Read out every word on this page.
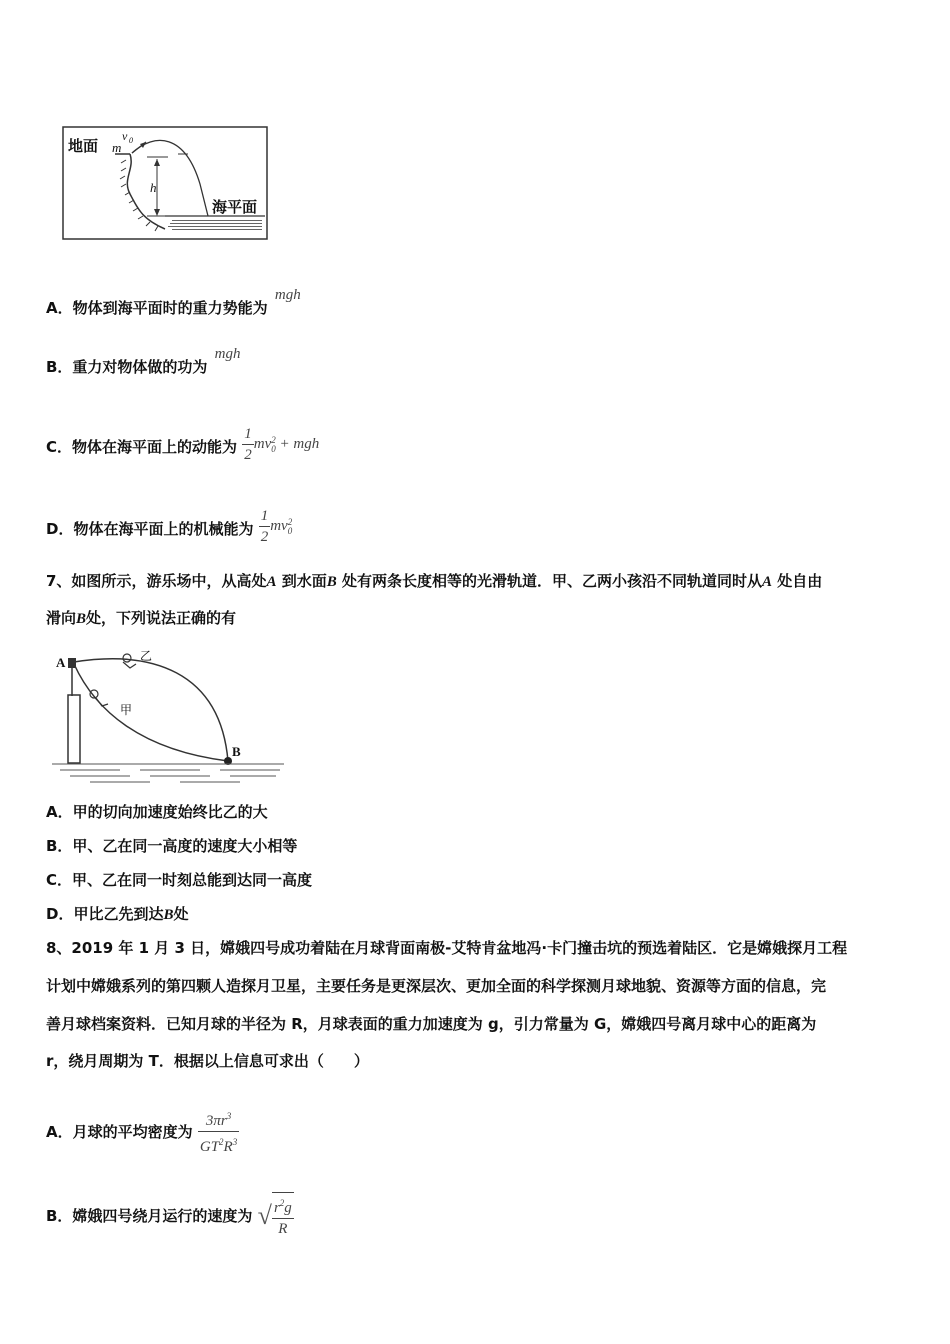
地面 m
v 0
h
海平面
A．物体到海平面时的重力势能为 mgh
B．重力对物体做的功为 mgh
C．物体在海平面上的动能为 $\frac{1}{2}$ mv 2
0 + mgh
D．物体在海平面上的机械能为 $\frac{1}{2}$ mv 2
0
7、如图所示，游乐场中，从高处A 到水面B 处有两条长度相等的光滑轨道．甲、乙两小孩沿不同轨道同时从A 处自由
滑向B处，下列说法正确的有
A
B
乙
甲
A．甲的切向加速度始终比乙的大
B．甲、乙在同一高度的速度大小相等
C．甲、乙在同一时刻总能到达同一高度
D．甲比乙先到达B处
8、2019 年 1 月 3 日，嫦娥四号成功着陆在月球背面南极-艾特肯盆地冯·卡门撞击坑的预选着陆区．它是嫦娥探月工程
计划中嫦娥系列的第四颗人造探月卫星，主要任务是更深层次、更加全面的科学探测月球地貌、资源等方面的信息，完
善月球档案资料．已知月球的半径为 R，月球表面的重力加速度为 g，引力常量为 G，嫦娥四号离月球中心的距离为
r，绕月周期为 T．根据以上信息可求出（　　）
A．月球的平均密度为 $\frac{3\pi r^3}{GT^2R^3}$
B．嫦娥四号绕月运行的速度为 √ $\frac{r^2g}{R}$
